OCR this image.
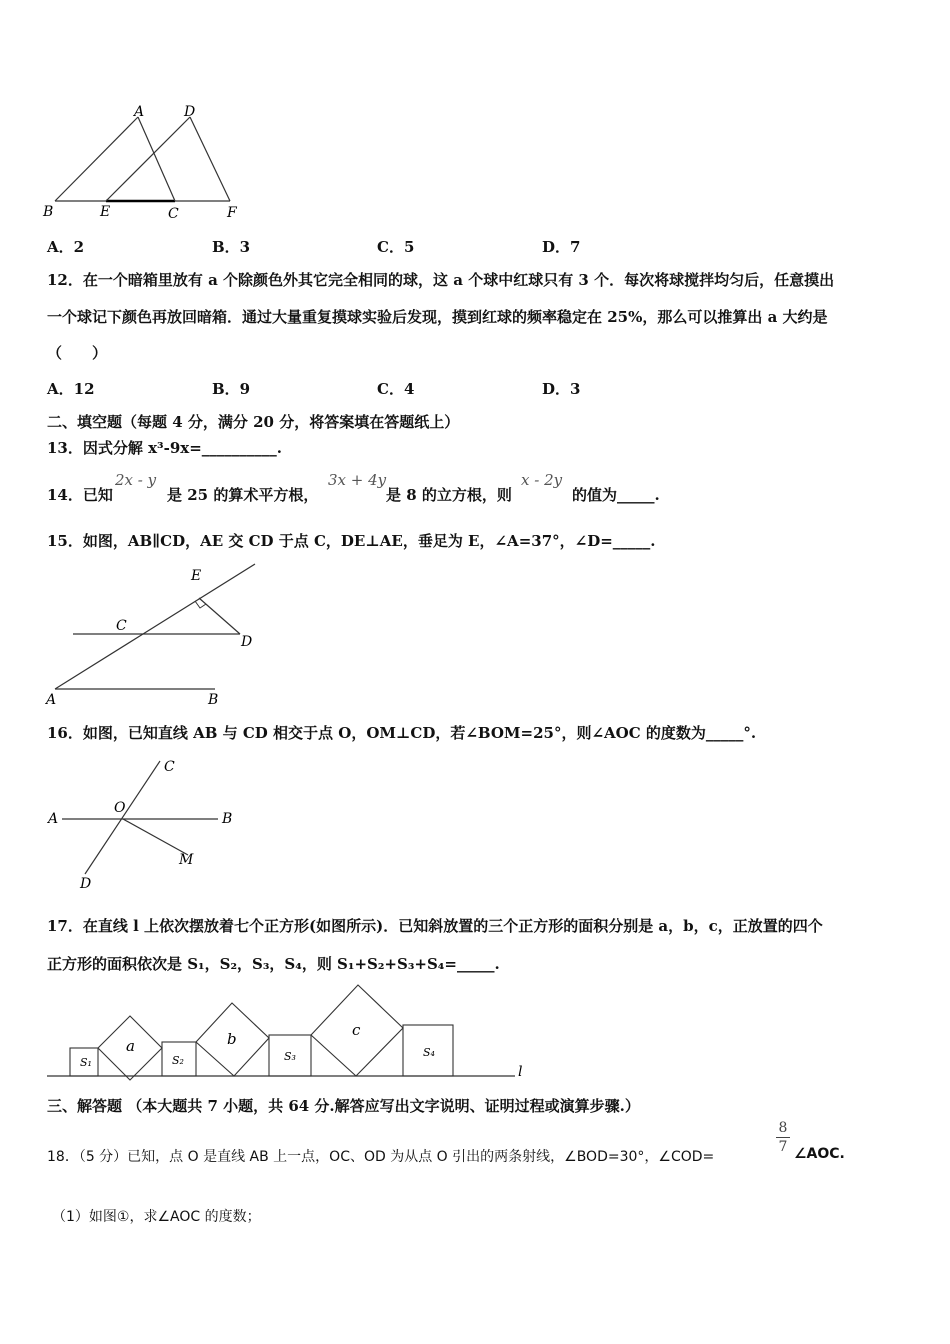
A	D
B	E	C	F
A．2	B．3	C．5	D．7
12．在一个暗箱里放有 a 个除颜色外其它完全相同的球，这 a 个球中红球只有 3 个．每次将球搅拌均匀后，任意摸出
一个球记下颜色再放回暗箱．通过大量重复摸球实验后发现，摸到红球的频率稳定在 25%，那么可以推算出 a 大约是
（　　）
A．12	B．9	C．4	D．3
二、填空题（每题 4 分，满分 20 分，将答案填在答题纸上）
13．因式分解 x³-9x=__________.
14．已知
2x - y
是 25 的算术平方根，
3x + 4y
是 8 的立方根，则
x - 2y
的值为_____.
15．如图，AB∥CD，AE 交 CD 于点 C，DE⊥AE，垂足为 E，∠A=37°，∠D=_____.
E
C
D
A	B
16．如图，已知直线 AB 与 CD 相交于点 O，OM⊥CD，若∠BOM=25°，则∠AOC 的度数为_____°.
C
O
A	B
M
D
17．在直线 l 上依次摆放着七个正方形(如图所示)．已知斜放置的三个正方形的面积分别是 a，b，c，正放置的四个
正方形的面积依次是 S₁，S₂，S₃，S₄，则 S₁+S₂+S₃+S₄=_____.
S₁
a
S₂
b
S₃
c
S₄
l
三、解答题 （本大题共 7 小题，共 64 分.解答应写出文字说明、证明过程或演算步骤.）
18．（5 分）已知，点 O 是直线 AB 上一点，OC、OD 为从点 O 引出的两条射线，∠BOD=30°，∠COD=
8
7 ∠AOC.
（1）如图①，求∠AOC 的度数；
